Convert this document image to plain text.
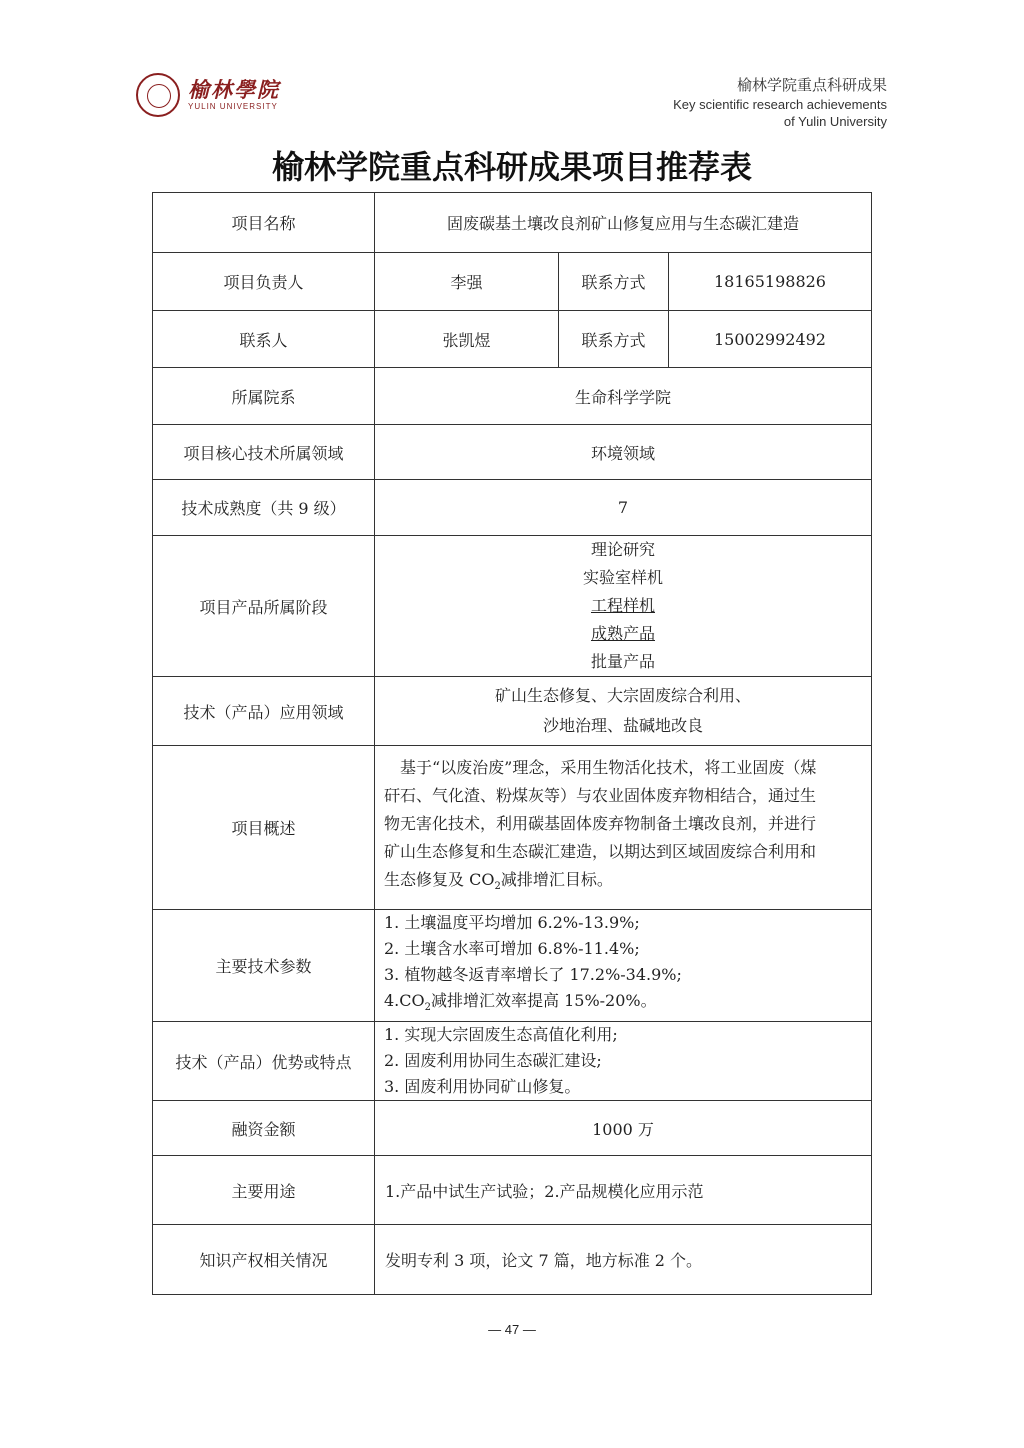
榆林學院
YULIN UNIVERSITY
榆林学院重点科研成果
Key scientific research achievements
of Yulin University
榆林学院重点科研成果项目推荐表
项目名称	固废碳基土壤改良剂矿山修复应用与生态碳汇建造		
项目负责人	李强	联系方式	18165198826
联系人	张凯煜	联系方式	15002992492
所属院系	生命科学学院		
项目核心技术所属领域	环境领域		
技术成熟度（共 9 级）	7		
项目产品所属阶段	理论研究
实验室样机
工程样机
成熟产品
批量产品		

技术（产品）应用领域	矿山生态修复、大宗固废综合利用、
沙地治理、盐碱地改良		

项目概述	基于“以废治废”理念，采用生物活化技术，将工业固废（煤
矸石、气化渣、粉煤灰等）与农业固体废弃物相结合，通过生
物无害化技术，利用碳基固体废弃物制备土壤改良剂，并进行
矿山生态修复和生态碳汇建造，以期达到区域固废综合利用和
生态修复及 $CO_2$减排增汇目标。		

主要技术参数	1. 土壤温度平均增加 6.2%-13.9%;
2. 土壤含水率可增加 6.8%-11.4%;
3. 植物越冬返青率增长了 17.2%-34.9%;
$4.CO_2$减排增汇效率提高 15%-20%。		

技术（产品）优势或特点	1. 实现大宗固废生态高值化利用;
2. 固废利用协同生态碳汇建设;
3. 固废利用协同矿山修复。		

融资金额	1000 万		
主要用途	1.产品中试生产试验；2.产品规模化应用示范		
知识产权相关情况	发明专利 3 项，论文 7 篇，地方标准 2 个。		
— 47 —
